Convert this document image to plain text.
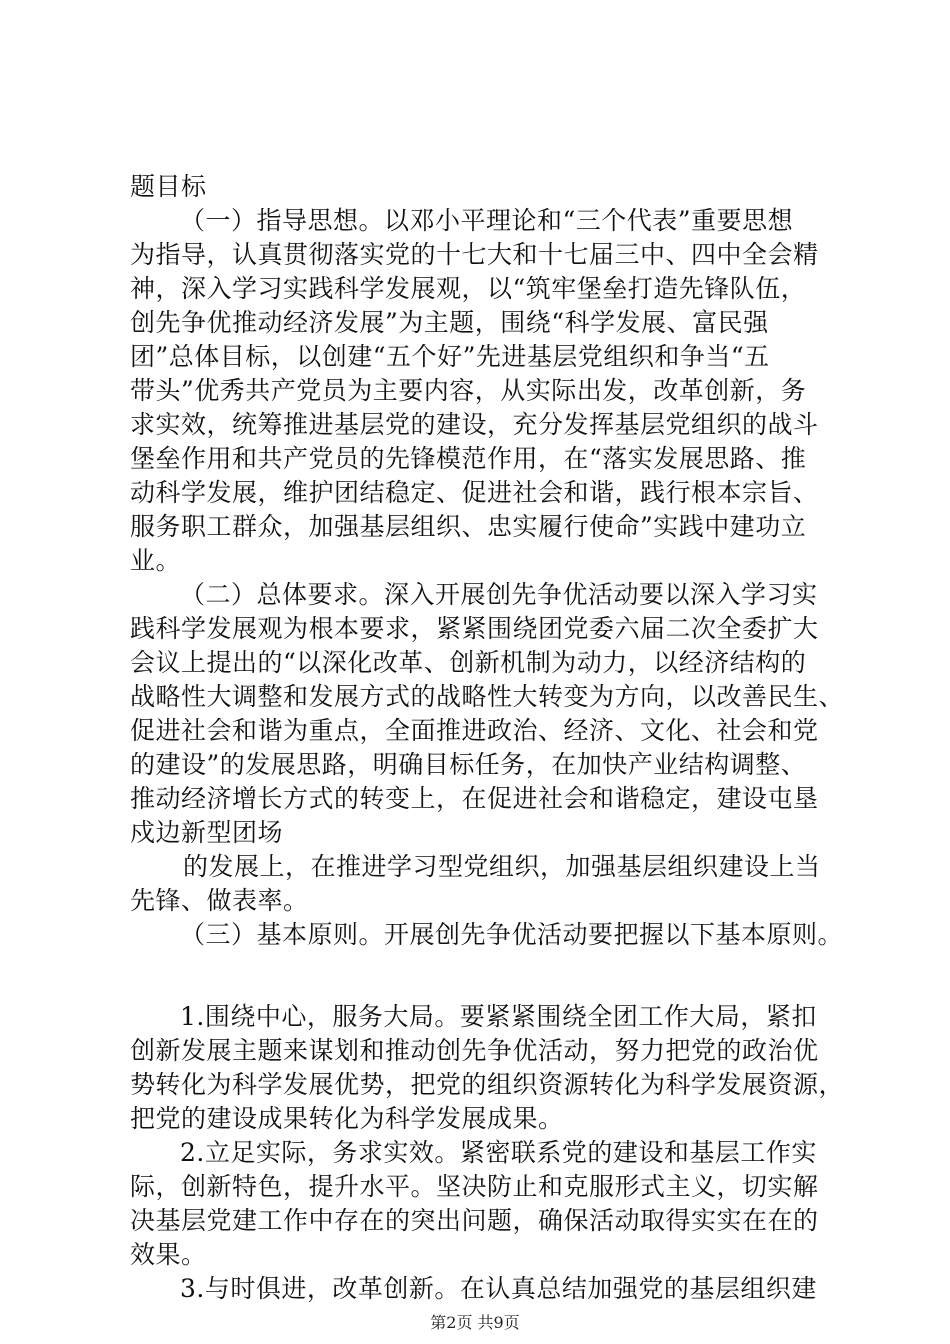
题目标
（一）指导思想。以邓小平理论和“三个代表”重要思想
为指导，认真贯彻落实党的十七大和十七届三中、四中全会精
神，深入学习实践科学发展观，以“筑牢堡垒打造先锋队伍，
创先争优推动经济发展”为主题，围绕“科学发展、富民强
团”总体目标，以创建“五个好”先进基层党组织和争当“五
带头”优秀共产党员为主要内容，从实际出发，改革创新，务
求实效，统筹推进基层党的建设，充分发挥基层党组织的战斗
堡垒作用和共产党员的先锋模范作用，在“落实发展思路、推
动科学发展，维护团结稳定、促进社会和谐，践行根本宗旨、
服务职工群众，加强基层组织、忠实履行使命”实践中建功立
业。
（二）总体要求。深入开展创先争优活动要以深入学习实
践科学发展观为根本要求，紧紧围绕团党委六届二次全委扩大
会议上提出的“以深化改革、创新机制为动力，以经济结构的
战略性大调整和发展方式的战略性大转变为方向，以改善民生、
促进社会和谐为重点，全面推进政治、经济、文化、社会和党
的建设”的发展思路，明确目标任务，在加快产业结构调整、
推动经济增长方式的转变上，在促进社会和谐稳定，建设屯垦
戍边新型团场
的发展上，在推进学习型党组织，加强基层组织建设上当
先锋、做表率。
（三）基本原则。开展创先争优活动要把握以下基本原则。
1.围绕中心，服务大局。要紧紧围绕全团工作大局，紧扣
创新发展主题来谋划和推动创先争优活动，努力把党的政治优
势转化为科学发展优势，把党的组织资源转化为科学发展资源，
把党的建设成果转化为科学发展成果。
2.立足实际，务求实效。紧密联系党的建设和基层工作实
际，创新特色，提升水平。坚决防止和克服形式主义，切实解
决基层党建工作中存在的突出问题，确保活动取得实实在在的
效果。
3.与时俱进，改革创新。在认真总结加强党的基层组织建
第2页 共9页
